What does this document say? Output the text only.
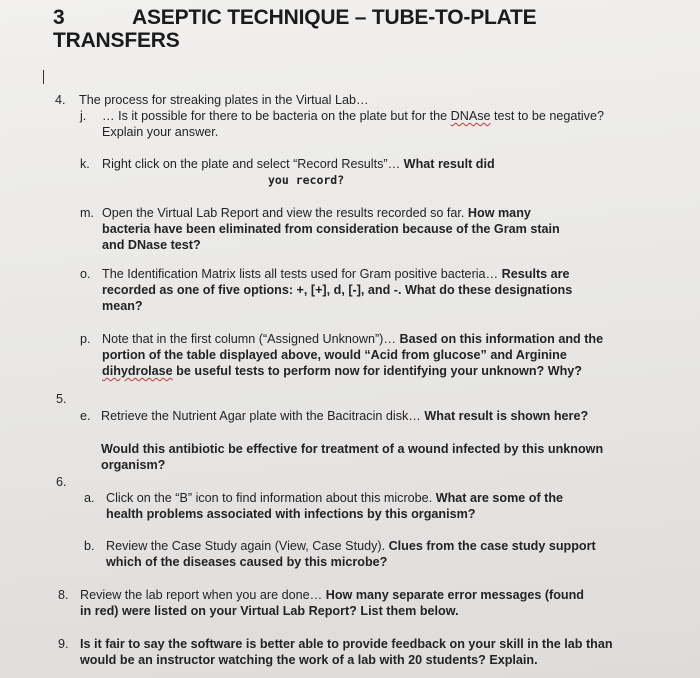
3	ASEPTIC TECHNIQUE – TUBE-TO-PLATE
TRANSFERS
4. The process for streaking plates in the Virtual Lab…
j. … Is it possible for there to be bacteria on the plate but for the DNAse test to be negative?
Explain your answer.
k. Right click on the plate and select “Record Results”… What result did
you record?
m. Open the Virtual Lab Report and view the results recorded so far. How many
bacteria have been eliminated from consideration because of the Gram stain
and DNase test?
o. The Identification Matrix lists all tests used for Gram positive bacteria… Results are
recorded as one of five options: +, [+], d, [-], and -. What do these designations
mean?
p. Note that in the first column (“Assigned Unknown”)… Based on this information and the
portion of the table displayed above, would “Acid from glucose” and Arginine
dihydrolase be useful tests to perform now for identifying your unknown? Why?
5.
e. Retrieve the Nutrient Agar plate with the Bacitracin disk… What result is shown here?
Would this antibiotic be effective for treatment of a wound infected by this unknown
organism?
6.
a. Click on the “B” icon to find information about this microbe. What are some of the
health problems associated with infections by this organism?
b. Review the Case Study again (View, Case Study). Clues from the case study support
which of the diseases caused by this microbe?
8. Review the lab report when you are done… How many separate error messages (found
in red) were listed on your Virtual Lab Report? List them below.
9. Is it fair to say the software is better able to provide feedback on your skill in the lab than
would be an instructor watching the work of a lab with 20 students? Explain.
